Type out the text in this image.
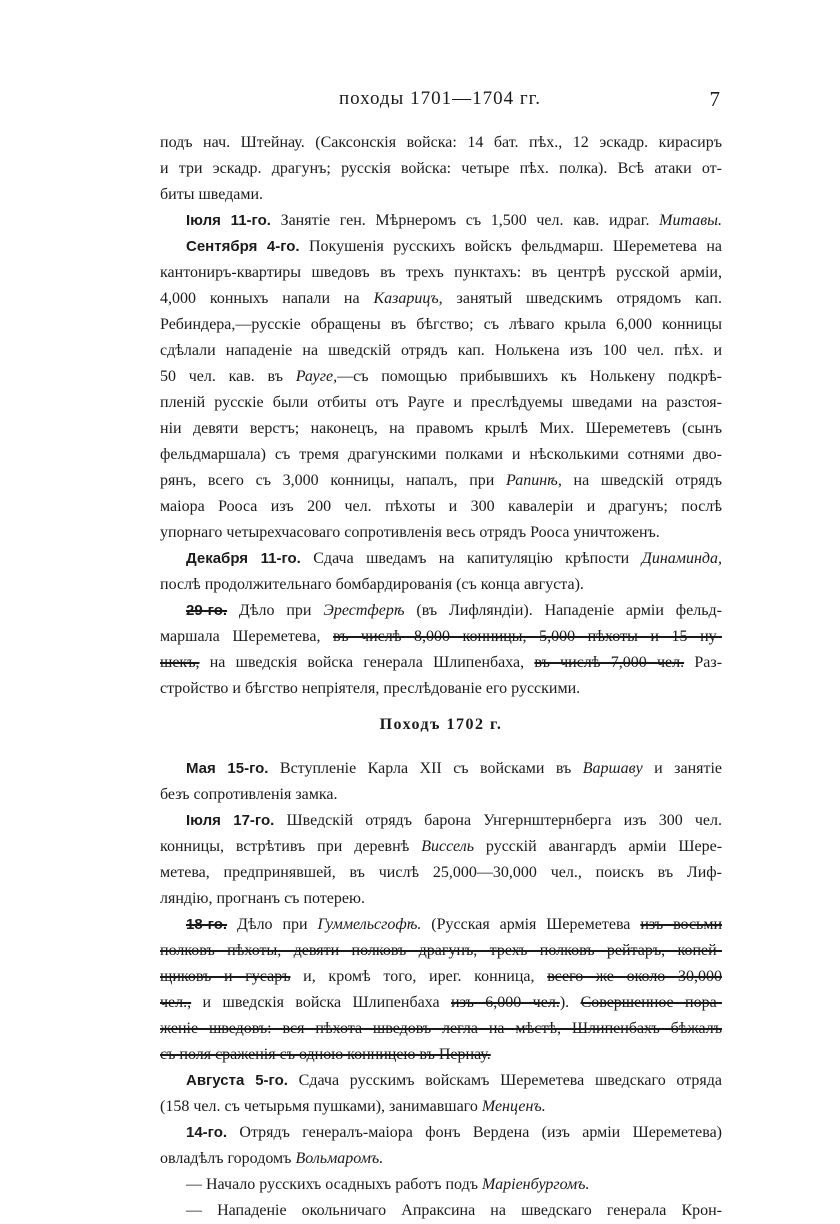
походы 1701—1704 гг.	7
подъ нач. Штейнау. (Саксонскія войска: 14 бат. пѣх., 12 эскадр. кирасиръ
и три эскадр. драгунъ; русскія войска: четыре пѣх. полка). Всѣ атаки от-
биты шведами.
Іюля 11-го. Занятіе ген. Мѣрнеромъ съ 1,500 чел. кав. идраг. Митавы.
Сентября 4-го. Покушенія русскихъ войскъ фельдмарш. Шереметева на
кантониръ-квартиры шведовъ въ трехъ пунктахъ: въ центрѣ русской арміи,
4,000 конныхъ напали на Казарицъ, занятый шведскимъ отрядомъ кап.
Ребиндера,—русскіе обращены въ бѣгство; съ лѣваго крыла 6,000 конницы
сдѣлали нападеніе на шведскій отрядъ кап. Нолькена изъ 100 чел. пѣх. и
50 чел. кав. въ Рауге,—съ помощью прибывшихъ къ Нолькену подкрѣ-
пленій русскіе были отбиты отъ Рауге и преслѣдуемы шведами на разстоя-
ніи девяти верстъ; наконецъ, на правомъ крылѣ Мих. Шереметевъ (сынъ
фельдмаршала) съ тремя драгунскими полками и нѣсколькими сотнями дво-
рянъ, всего съ 3,000 конницы, напалъ, при Рапинѣ, на шведскій отрядъ
маіора Рооса изъ 200 чел. пѣхоты и 300 кавалеріи и драгунъ; послѣ
упорнаго четырехчасоваго сопротивленія весь отрядъ Рооса уничтоженъ.
Декабря 11-го. Сдача шведамъ на капитуляцію крѣпости Динаминда,
послѣ продолжительнаго бомбардированія (съ конца августа).
29-го. Дѣло при Эрестферѣ (въ Лифляндіи). Нападеніе арміи фельд-
маршала Шереметева, въ числѣ 8,000 конницы, 5,000 пѣхоты и 15 ну-
шекъ, на шведскія войска генерала Шлипенбаха, въ числѣ 7,000 чел. Раз-
стройство и бѣгство непріятеля, преслѣдованіе его русскими.
Походъ 1702 г.
Мая 15-го. Вступленіе Карла XII съ войсками въ Варшаву и занятіе
безъ сопротивленія замка.
Іюля 17-го. Шведскій отрядъ барона Унгернштернберга изъ 300 чел.
конницы, встрѣтивъ при деревнѣ Виссель русскій авангардъ арміи Шере-
метева, предпринявшей, въ числѣ 25,000—30,000 чел., поискъ въ Лиф-
ляндію, прогнанъ съ потерею.
18-го. Дѣло при Гуммельсгофѣ. (Русская армія Шереметева изъ восьми
полковъ пѣхоты, девяти полковъ драгунъ, трехъ полковъ рейтаръ, копей-
щиковъ и гусаръ и, кромѣ того, ирег. конница, всего же около 30,000
чел., и шведскія войска Шлипенбаха изъ 6,000 чел.). Совершенное пора-
женіе шведовъ: вся пѣхота шведовъ легла на мѣстѣ, Шлипенбахъ бѣжалъ
съ поля сраженія съ одною конницею въ Пернау.
Августа 5-го. Сдача русскимъ войскамъ Шереметева шведскаго отряда
(158 чел. съ четырьмя пушками), занимавшаго Менценъ.
14-го. Отрядъ генералъ-маіора фонъ Вердена (изъ арміи Шереметева)
овладѣлъ городомъ Вольмаромъ.
— Начало русскихъ осадныхъ работъ подъ Маріенбургомъ.
— Нападеніе окольничаго Апраксина на шведскаго генерала Крон-
